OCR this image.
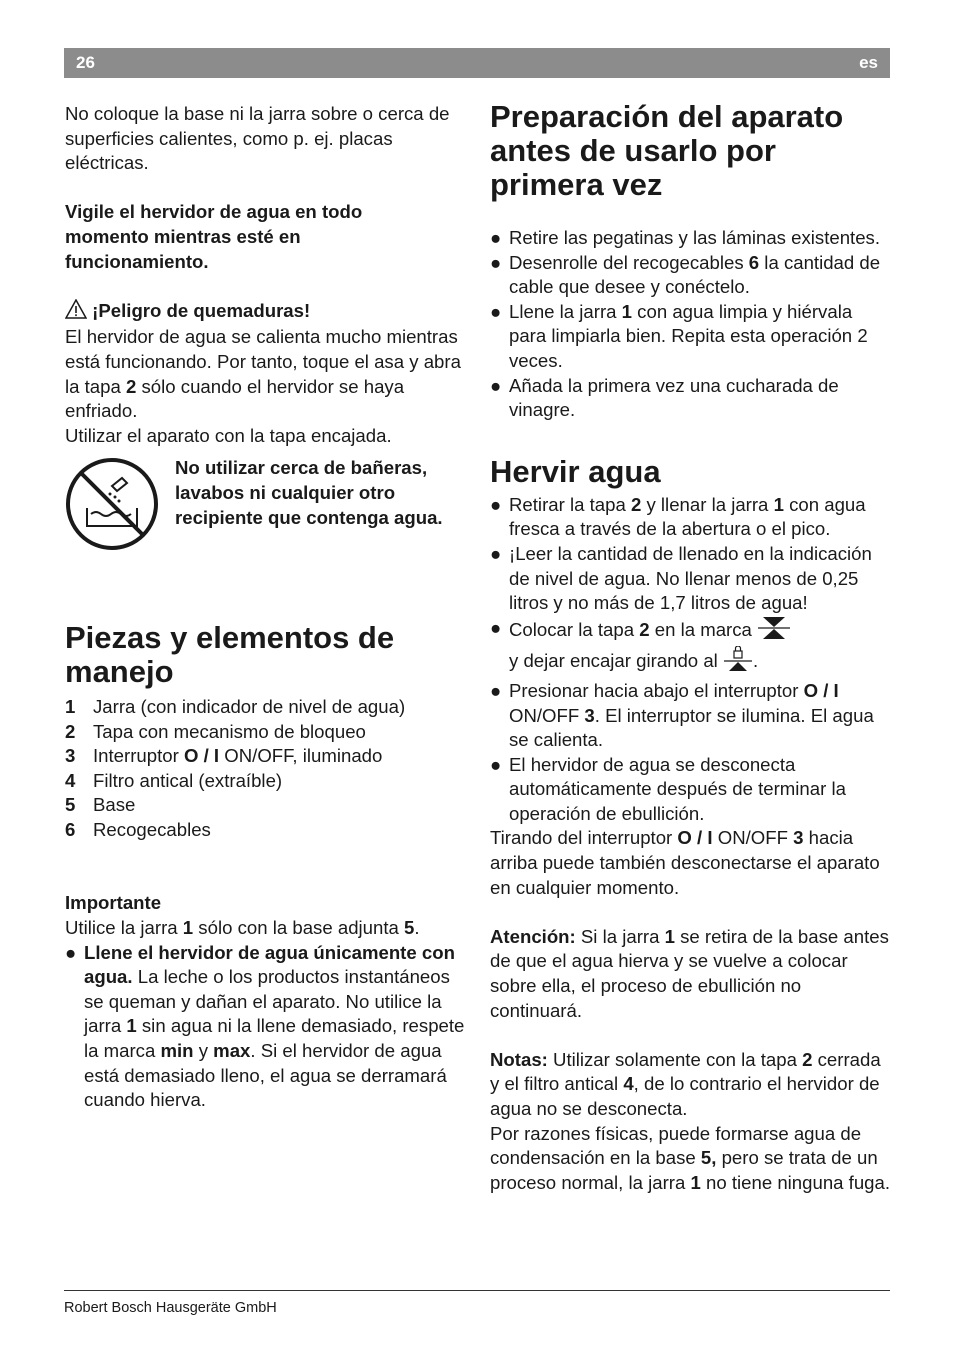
26	es

No coloque la base ni la jarra sobre o cerca de superficies calientes, como p. ej. placas eléctricas.

Vigile el hervidor de agua en todo momento mientras esté en funcionamiento.

¡Peligro de quemaduras!
El hervidor de agua se calienta mucho mientras está funcionando. Por tanto, toque el asa y abra la tapa 2 sólo cuando el hervidor se haya enfriado.
Utilizar el aparato con la tapa encajada.

No utilizar cerca de bañeras, lavabos ni cualquier otro recipiente que contenga agua.

Piezas y elementos de manejo
1 Jarra (con indicador de nivel de agua)
2 Tapa con mecanismo de bloqueo
3 Interruptor O / I ON/OFF, iluminado
4 Filtro antical (extraíble)
5 Base
6 Recogecables

Importante

Utilice la jarra 1 sólo con la base adjunta 5.

● Llene el hervidor de agua únicamente con agua. La leche o los productos instantáneos se queman y dañan el aparato. No utilice la jarra 1 sin agua ni la llene demasiado, respete la marca min y max. Si el hervidor de agua está demasiado lleno, el agua se derramará cuando hierva.
Preparación del aparato antes de usarlo por primera vez
● Retire las pegatinas y las láminas existentes.
● Desenrolle del recogecables 6 la cantidad de cable que desee y conéctelo.
● Llene la jarra 1 con agua limpia y hiérvala para limpiarla bien. Repita esta operación 2 veces.
● Añada la primera vez una cucharada de vinagre.
Hervir agua
● Retirar la tapa 2 y llenar la jarra 1 con agua fresca a través de la abertura o el pico.
● ¡Leer la cantidad de llenado en la indicación de nivel de agua. No llenar menos de 0,25 litros y no más de 1,7 litros de agua!
● Colocar la tapa 2 en la marca
y dejar encajar girando al .
● Presionar hacia abajo el interruptor O / I ON/OFF 3. El interruptor se ilumina. El agua se calienta.
● El hervidor de agua se desconecta automáticamente después de terminar la operación de ebullición.

Tirando del interruptor O / I ON/OFF 3 hacia arriba puede también desconectarse el aparato en cualquier momento.

Atención: Si la jarra 1 se retira de la base antes de que el agua hierva y se vuelve a colocar sobre ella, el proceso de ebullición no continuará.

Notas: Utilizar solamente con la tapa 2 cerrada y el filtro antical 4, de lo contrario el hervidor de agua no se desconecta.

Por razones físicas, puede formarse agua de condensación en la base 5, pero se trata de un proceso normal, la jarra 1 no tiene ninguna fuga.

Robert Bosch Hausgeräte GmbH
